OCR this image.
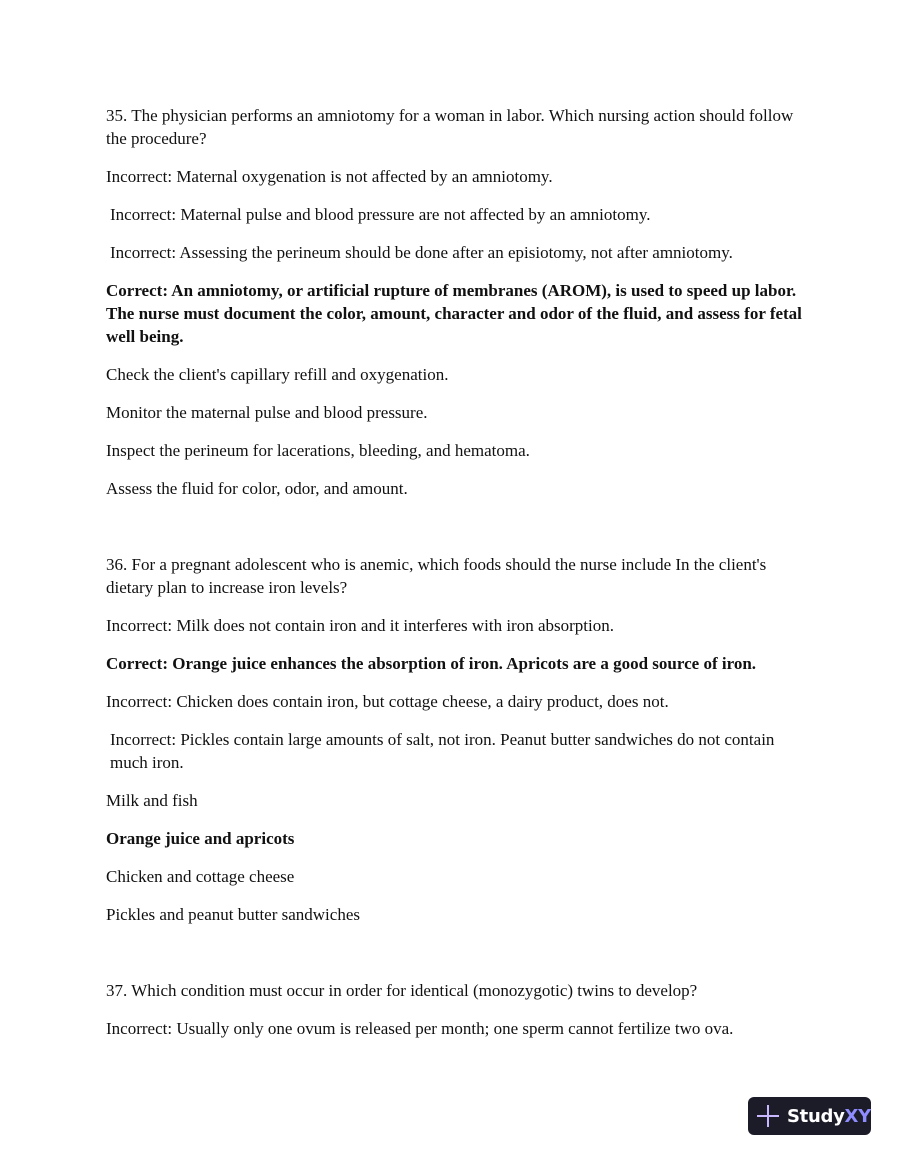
35. The physician performs an amniotomy for a woman in labor. Which nursing action should follow the procedure?

Incorrect: Maternal oxygenation is not affected by an amniotomy.

Incorrect: Maternal pulse and blood pressure are not affected by an amniotomy.

Incorrect: Assessing the perineum should be done after an episiotomy, not after amniotomy.

Correct: An amniotomy, or artificial rupture of membranes (AROM), is used to speed up labor. The nurse must document the color, amount, character and odor of the fluid, and assess for fetal well being.

Check the client's capillary refill and oxygenation.

Monitor the maternal pulse and blood pressure.

Inspect the perineum for lacerations, bleeding, and hematoma.

Assess the fluid for color, odor, and amount.

36. For a pregnant adolescent who is anemic, which foods should the nurse include In the client's dietary plan to increase iron levels?

Incorrect: Milk does not contain iron and it interferes with iron absorption.

Correct: Orange juice enhances the absorption of iron. Apricots are a good source of iron.

Incorrect: Chicken does contain iron, but cottage cheese, a dairy product, does not.

Incorrect: Pickles contain large amounts of salt, not iron. Peanut butter sandwiches do not contain much iron.

Milk and fish

Orange juice and apricots

Chicken and cottage cheese

Pickles and peanut butter sandwiches

37. Which condition must occur in order for identical (monozygotic) twins to develop?

Incorrect: Usually only one ovum is released per month; one sperm cannot fertilize two ova.

StudyXY
